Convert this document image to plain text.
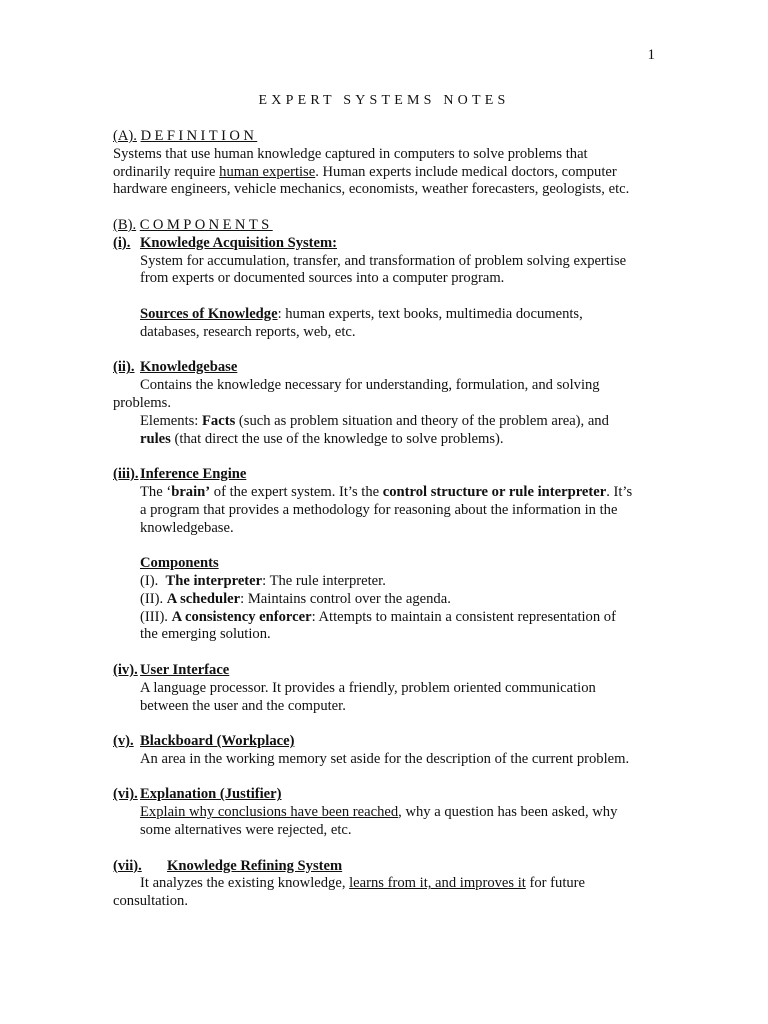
1
EXPERT SYSTEMS NOTES
(A). DEFINITION
Systems that use human knowledge captured in computers to solve problems that
ordinarily require human expertise. Human experts include medical doctors, computer
hardware engineers, vehicle mechanics, economists, weather forecasters, geologists, etc.
(B). COMPONENTS
(i). Knowledge Acquisition System:
System for accumulation, transfer, and transformation of problem solving expertise
from experts or documented sources into a computer program.
Sources of Knowledge: human experts, text books, multimedia documents,
databases, research reports, web, etc.
(ii). Knowledgebase
Contains the knowledge necessary for understanding, formulation, and solving
problems.
Elements: Facts (such as problem situation and theory of the problem area), and
rules (that direct the use of the knowledge to solve problems).
(iii).Inference Engine
The ‘brain’ of the expert system. It’s the control structure or rule interpreter. It’s
a program that provides a methodology for reasoning about the information in the
knowledgebase.
Components
(I).  The interpreter: The rule interpreter.
(II). A scheduler: Maintains control over the agenda.
(III). A consistency enforcer: Attempts to maintain a consistent representation of
the emerging solution.
(iv). User Interface
A language processor. It provides a friendly, problem oriented communication
between the user and the computer.
(v). Blackboard (Workplace)
An area in the working memory set aside for the description of the current problem.
(vi). Explanation (Justifier)
Explain why conclusions have been reached, why a question has been asked, why
some alternatives were rejected, etc.
(vii). Knowledge Refining System
It analyzes the existing knowledge, learns from it, and improves it for future
consultation.
